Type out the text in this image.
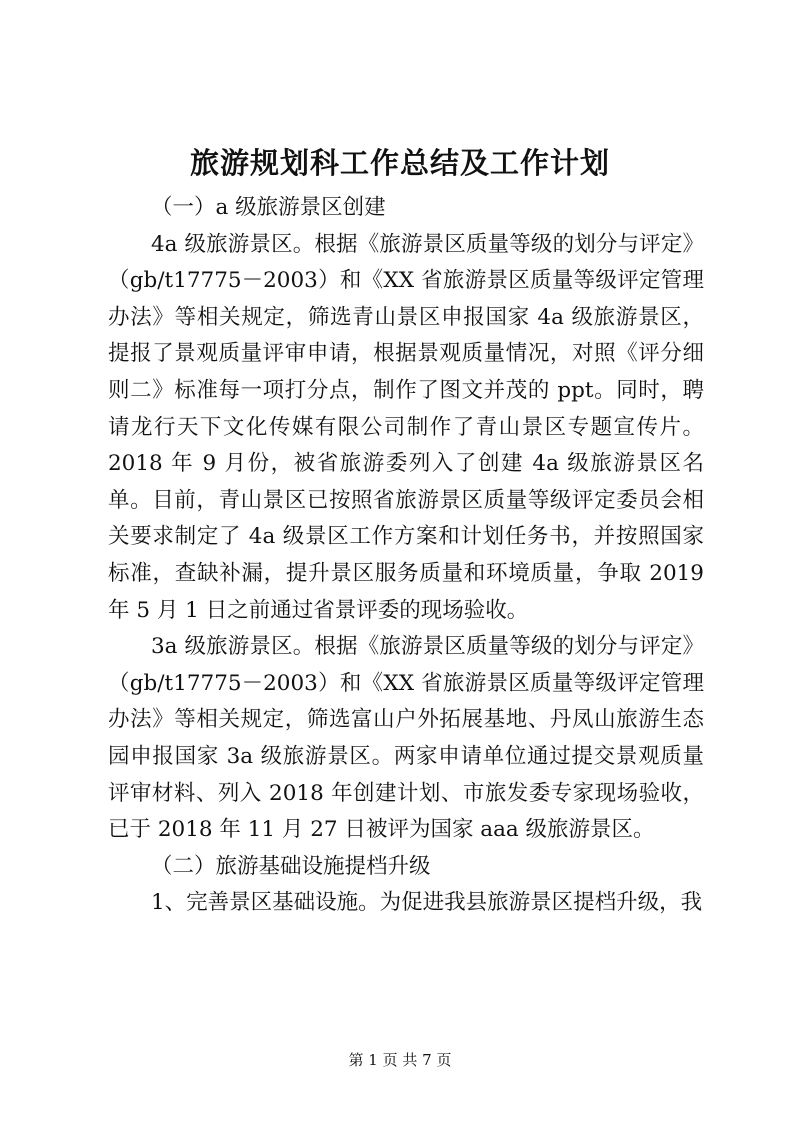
旅游规划科工作总结及工作计划

（一）a 级旅游景区创建

4a 级旅游景区。根据《旅游景区质量等级的划分与评定》（gb/t17775－2003）和《XX 省旅游景区质量等级评定管理办法》等相关规定，筛选青山景区申报国家 4a 级旅游景区，提报了景观质量评审申请，根据景观质量情况，对照《评分细则二》标准每一项打分点，制作了图文并茂的 ppt。同时，聘请龙行天下文化传媒有限公司制作了青山景区专题宣传片。2018 年 9 月份，被省旅游委列入了创建 4a 级旅游景区名单。目前，青山景区已按照省旅游景区质量等级评定委员会相关要求制定了 4a 级景区工作方案和计划任务书，并按照国家标准，查缺补漏，提升景区服务质量和环境质量，争取 2019 年 5 月 1 日之前通过省景评委的现场验收。

3a 级旅游景区。根据《旅游景区质量等级的划分与评定》（gb/t17775－2003）和《XX 省旅游景区质量等级评定管理办法》等相关规定，筛选富山户外拓展基地、丹凤山旅游生态园申报国家 3a 级旅游景区。两家申请单位通过提交景观质量评审材料、列入 2018 年创建计划、市旅发委专家现场验收，已于 2018 年 11 月 27 日被评为国家 aaa 级旅游景区。

（二）旅游基础设施提档升级

1、完善景区基础设施。为促进我县旅游景区提档升级，我

第 1 页 共 7 页
